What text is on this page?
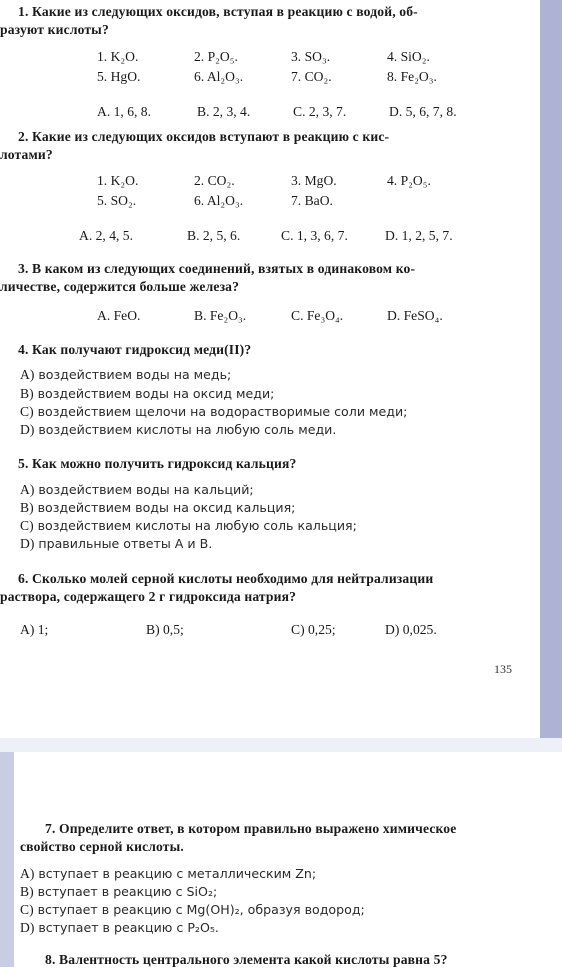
1. Какие из следующих оксидов, вступая в реакцию с водой, об-
разуют кислоты?
1. K₂O.	2. P₂O₅.	3. SO₃.	4. SiO₂.
5. HgO.	6. Al₂O₃.	7. CO₂.	8. Fe₂O₃.
A. 1, 6, 8.	B. 2, 3, 4.	C. 2, 3, 7.	D. 5, 6, 7, 8.
2. Какие из следующих оксидов вступают в реакцию с кис-
лотами?
1. K₂O.	2. CO₂.	3. MgO.	4. P₂O₅.
5. SO₂.	6. Al₂O₃.	7. BaO.
A. 2, 4, 5.	B. 2, 5, 6.	C. 1, 3, 6, 7.	D. 1, 2, 5, 7.
3. В каком из следующих соединений, взятых в одинаковом ко-
личестве, содержится больше железа?
A. FeO.	B. Fe₂O₃.	C. Fe₃O₄.	D. FeSO₄.
4. Как получают гидроксид меди(II)?
A) воздействием воды на медь;
B) воздействием воды на оксид меди;
C) воздействием щелочи на водорастворимые соли меди;
D) воздействием кислоты на любую соль меди.
5. Как можно получить гидроксид кальция?
A) воздействием воды на кальций;
B) воздействием воды на оксид кальция;
C) воздействием кислоты на любую соль кальция;
D) правильные ответы A и B.
6. Сколько молей серной кислоты необходимо для нейтрализации
раствора, содержащего 2 г гидроксида натрия?
A) 1;	B) 0,5;	C) 0,25;	D) 0,025.
135
7. Определите ответ, в котором правильно выражено химическое
свойство серной кислоты.
A) вступает в реакцию с металлическим Zn;
B) вступает в реакцию с SiO₂;
C) вступает в реакцию с Mg(OH)₂, образуя водород;
D) вступает в реакцию с P₂O₅.
8. Валентность центрального элемента какой кислоты равна 5?
